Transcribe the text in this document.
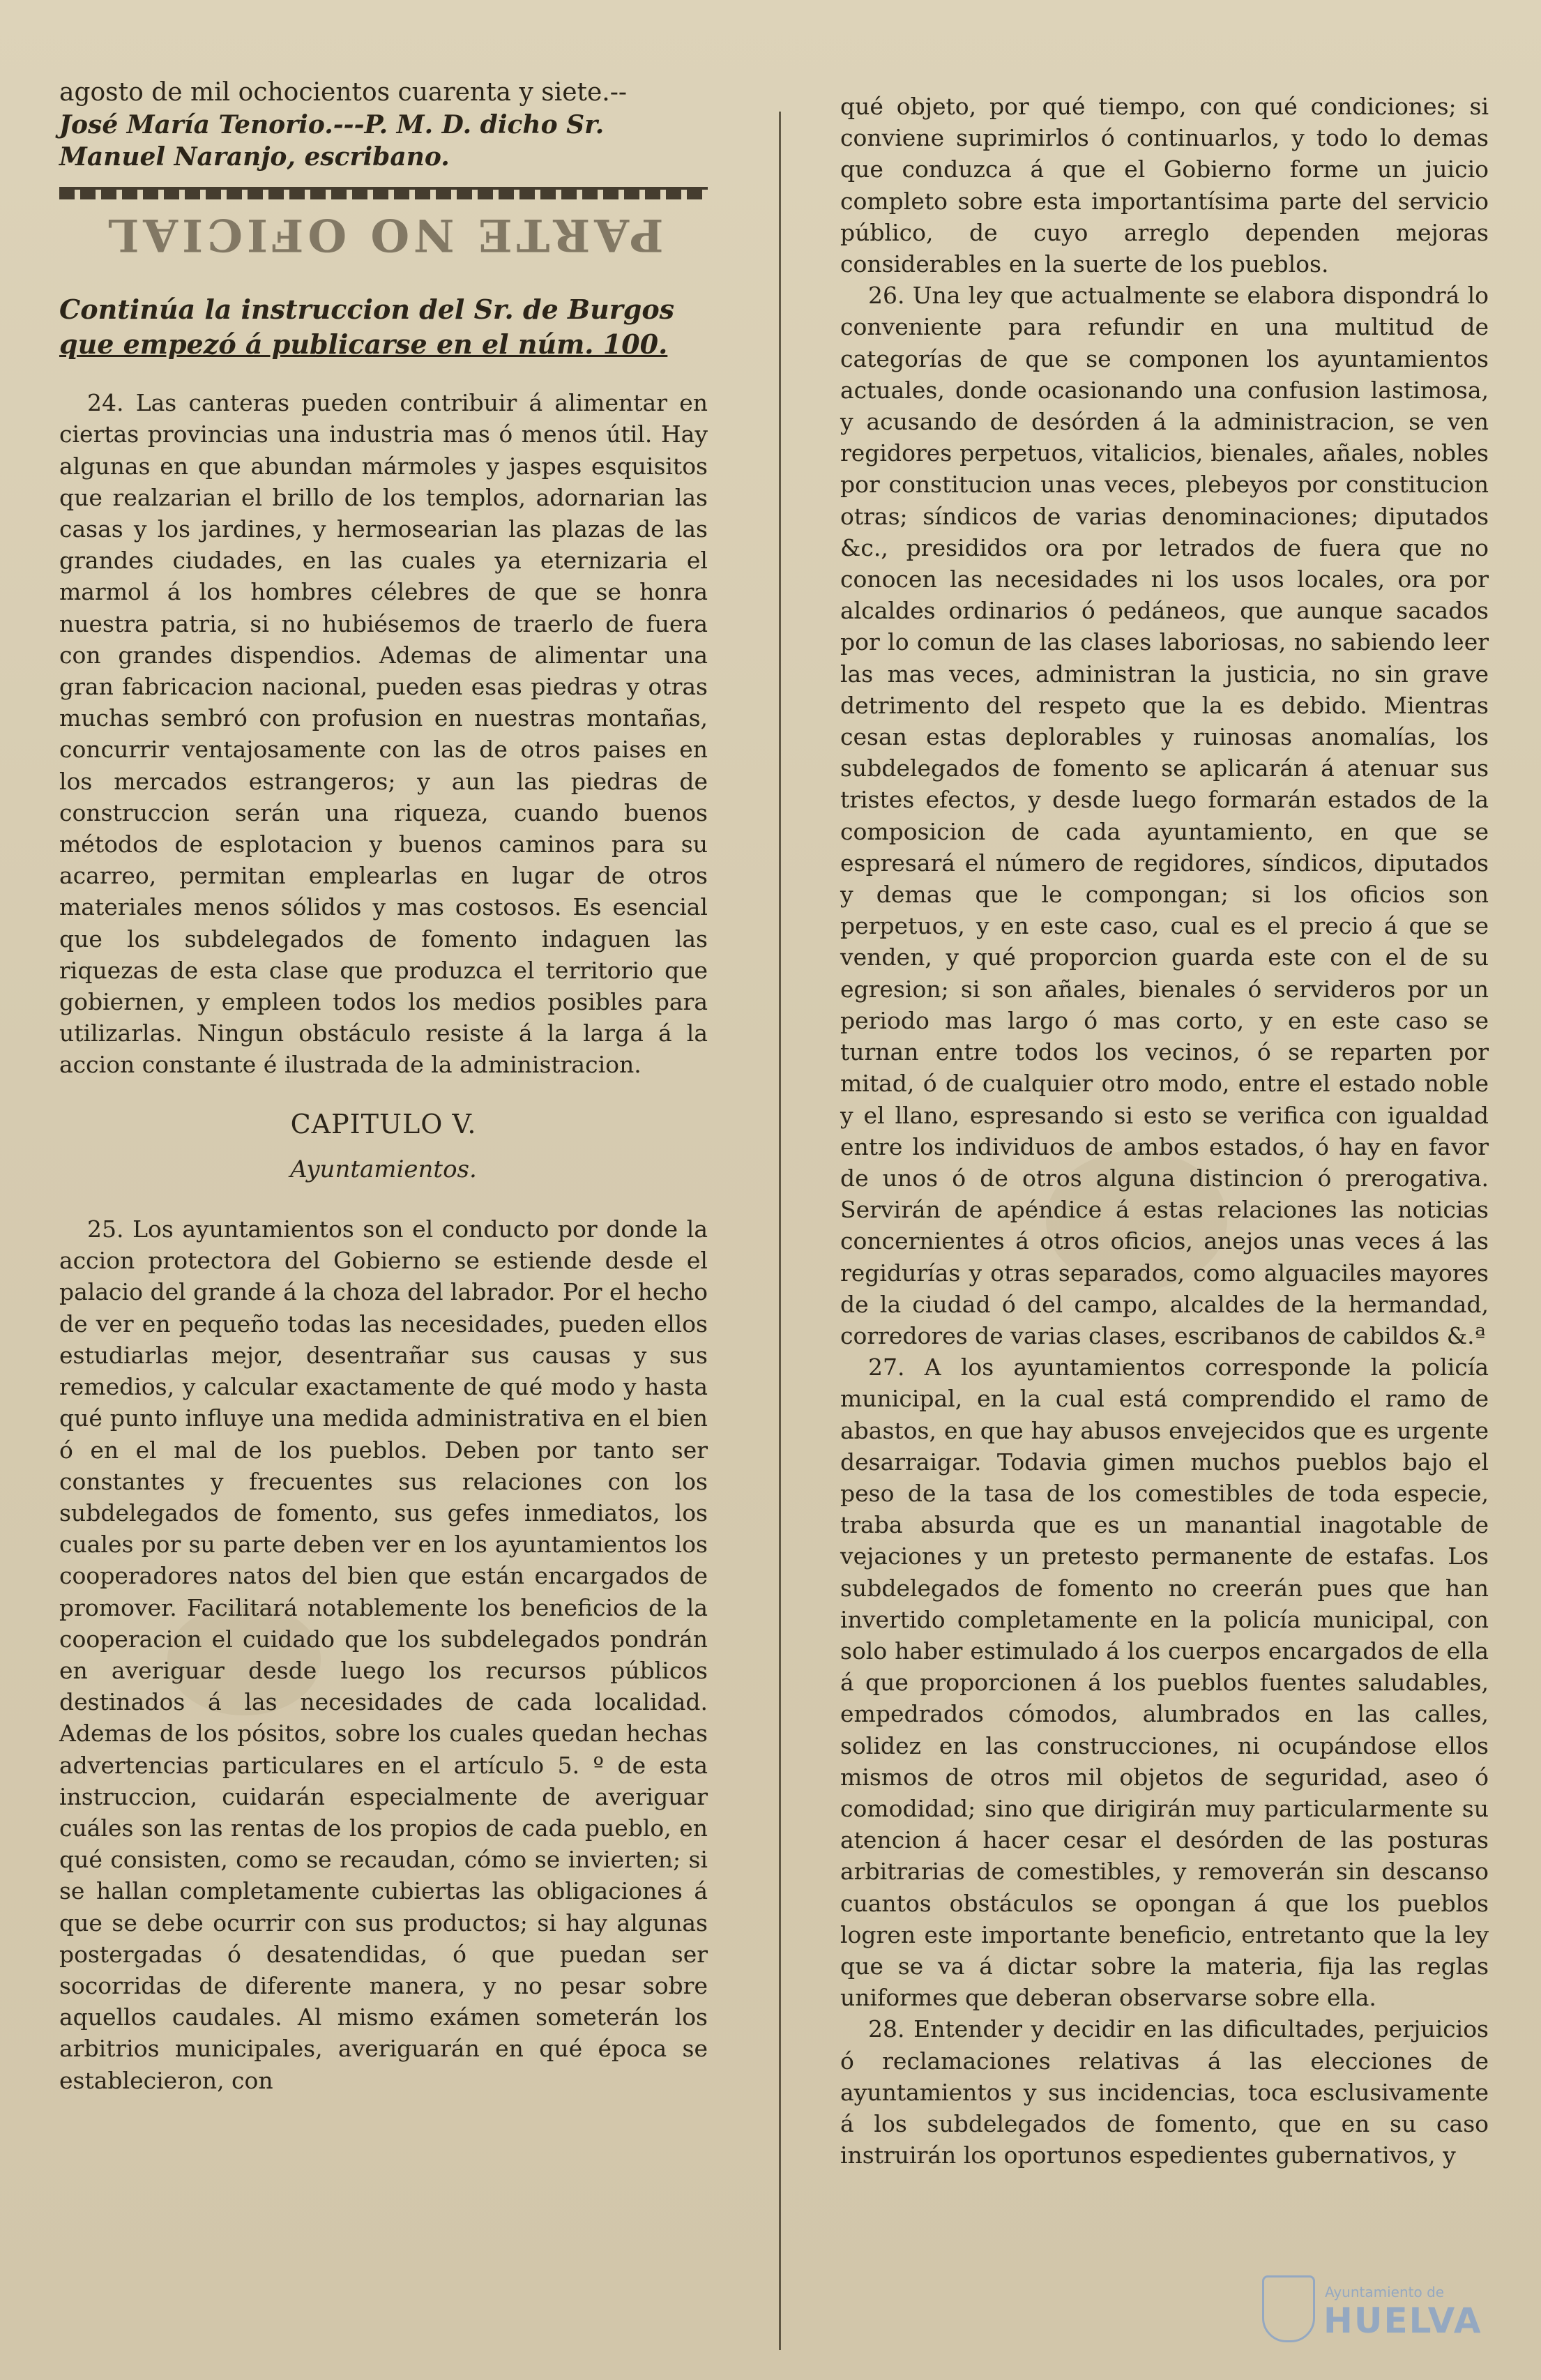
agosto de mil ochocientos cuarenta y siete.--

José María Tenorio.---P. M. D. dicho Sr.

Manuel Naranjo, escribano.

PARTE NO OFICIAL
Continúa la instruccion del Sr. de Burgos
que empezó á publicarse en el núm. 100.

24. Las canteras pueden contribuir á alimentar en ciertas provincias una industria mas ó menos útil. Hay algunas en que abundan mármoles y jaspes esquisitos que realzarian el brillo de los templos, adornarian las casas y los jardines, y hermosearian las plazas de las grandes ciudades, en las cuales ya eternizaria el marmol á los hombres célebres de que se honra nuestra patria, si no hubiésemos de traerlo de fuera con grandes dispendios. Ademas de alimentar una gran fabricacion nacional, pueden esas piedras y otras muchas sembró con profusion en nuestras montañas, concurrir ventajosamente con las de otros paises en los mercados estrangeros; y aun las piedras de construccion serán una riqueza, cuando buenos métodos de esplotacion y buenos caminos para su acarreo, permitan emplearlas en lugar de otros materiales menos sólidos y mas costosos. Es esencial que los subdelegados de fomento indaguen las riquezas de esta clase que produzca el territorio que gobiernen, y empleen todos los medios posibles para utilizarlas. Ningun obstáculo resiste á la larga á la accion constante é ilustrada de la administracion.

CAPITULO V.
Ayuntamientos.

25. Los ayuntamientos son el conducto por donde la accion protectora del Gobierno se estiende desde el palacio del grande á la choza del labrador. Por el hecho de ver en pequeño todas las necesidades, pueden ellos estudiarlas mejor, desentrañar sus causas y sus remedios, y calcular exactamente de qué modo y hasta qué punto influye una medida administrativa en el bien ó en el mal de los pueblos. Deben por tanto ser constantes y frecuentes sus relaciones con los subdelegados de fomento, sus gefes inmediatos, los cuales por su parte deben ver en los ayuntamientos los cooperadores natos del bien que están encargados de promover. Facilitará notablemente los beneficios de la cooperacion el cuidado que los subdelegados pondrán en averiguar desde luego los recursos públicos destinados á las necesidades de cada localidad. Ademas de los pósitos, sobre los cuales quedan hechas advertencias particulares en el artículo 5. º de esta instruccion, cuidarán especialmente de averiguar cuáles son las rentas de los propios de cada pueblo, en qué consisten, como se recaudan, cómo se invierten; si se hallan completamente cubiertas las obligaciones á que se debe ocurrir con sus productos; si hay algunas postergadas ó desatendidas, ó que puedan ser socorridas de diferente manera, y no pesar sobre aquellos caudales. Al mismo exámen someterán los arbitrios municipales, averiguarán en qué época se establecieron, con

qué objeto, por qué tiempo, con qué condiciones; si conviene suprimirlos ó continuarlos, y todo lo demas que conduzca á que el Gobierno forme un juicio completo sobre esta importantísima parte del servicio público, de cuyo arreglo dependen mejoras considerables en la suerte de los pueblos.

26. Una ley que actualmente se elabora dispondrá lo conveniente para refundir en una multitud de categorías de que se componen los ayuntamientos actuales, donde ocasionando una confusion lastimosa, y acusando de desórden á la administracion, se ven regidores perpetuos, vitalicios, bienales, añales, nobles por constitucion unas veces, plebeyos por constitucion otras; síndicos de varias denominaciones; diputados &c., presididos ora por letrados de fuera que no conocen las necesidades ni los usos locales, ora por alcaldes ordinarios ó pedáneos, que aunque sacados por lo comun de las clases laboriosas, no sabiendo leer las mas veces, administran la justicia, no sin grave detrimento del respeto que la es debido. Mientras cesan estas deplorables y ruinosas anomalías, los subdelegados de fomento se aplicarán á atenuar sus tristes efectos, y desde luego formarán estados de la composicion de cada ayuntamiento, en que se espresará el número de regidores, síndicos, diputados y demas que le compongan; si los oficios son perpetuos, y en este caso, cual es el precio á que se venden, y qué proporcion guarda este con el de su egresion; si son añales, bienales ó servideros por un periodo mas largo ó mas corto, y en este caso se turnan entre todos los vecinos, ó se reparten por mitad, ó de cualquier otro modo, entre el estado noble y el llano, espresando si esto se verifica con igualdad entre los individuos de ambos estados, ó hay en favor de unos ó de otros alguna distincion ó prerogativa. Servirán de apéndice á estas relaciones las noticias concernientes á otros oficios, anejos unas veces á las regidurías y otras separados, como alguaciles mayores de la ciudad ó del campo, alcaldes de la hermandad, corredores de varias clases, escribanos de cabildos &.ª

27. A los ayuntamientos corresponde la policía municipal, en la cual está comprendido el ramo de abastos, en que hay abusos envejecidos que es urgente desarraigar. Todavia gimen muchos pueblos bajo el peso de la tasa de los comestibles de toda especie, traba absurda que es un manantial inagotable de vejaciones y un pretesto permanente de estafas. Los subdelegados de fomento no creerán pues que han invertido completamente en la policía municipal, con solo haber estimulado á los cuerpos encargados de ella á que proporcionen á los pueblos fuentes saludables, empedrados cómodos, alumbrados en las calles, solidez en las construcciones, ni ocupándose ellos mismos de otros mil objetos de seguridad, aseo ó comodidad; sino que dirigirán muy particularmente su atencion á hacer cesar el desórden de las posturas arbitrarias de comestibles, y removerán sin descanso cuantos obstáculos se opongan á que los pueblos logren este importante beneficio, entretanto que la ley que se va á dictar sobre la materia, fija las reglas uniformes que deberan observarse sobre ella.

28. Entender y decidir en las dificultades, perjuicios ó reclamaciones relativas á las elecciones de ayuntamientos y sus incidencias, toca esclusivamente á los subdelegados de fomento, que en su caso instruirán los oportunos espedientes gubernativos, y

Ayuntamiento de
HUELVA
